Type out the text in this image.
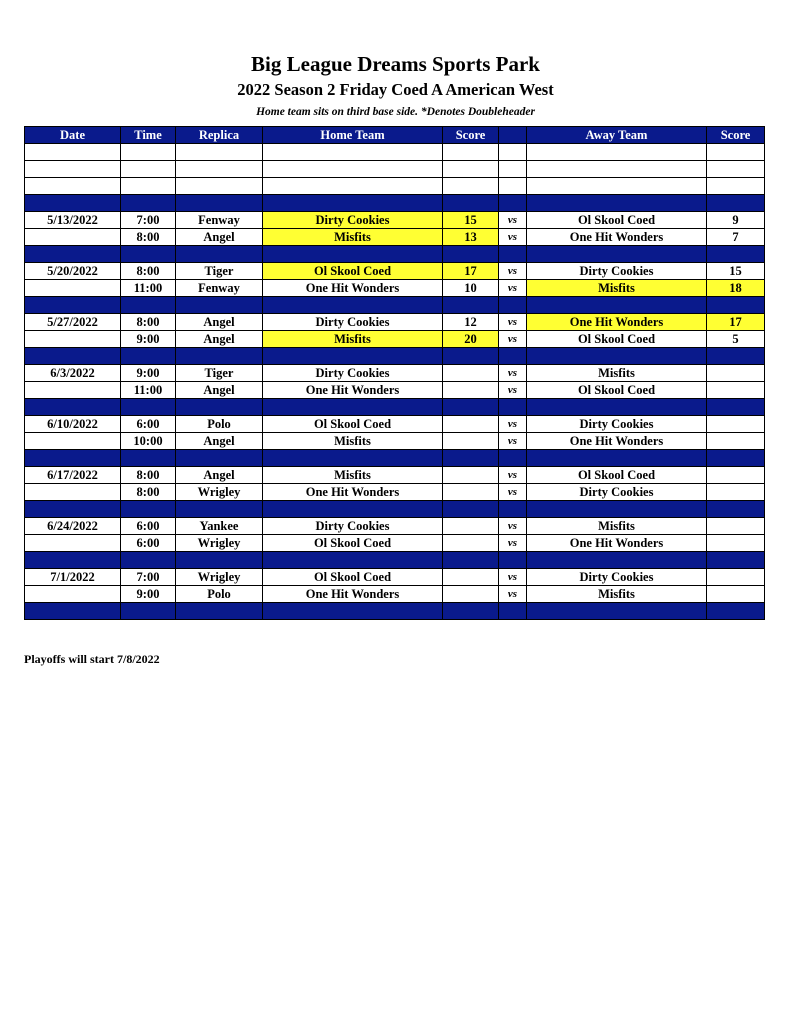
Big League Dreams Sports Park
2022 Season 2 Friday Coed A American West
Home team sits on third base side. *Denotes Doubleheader
Date	Time	Replica	Home Team	Score		Away Team	Score

5/13/2022	7:00	Fenway	Dirty Cookies	15	vs	Ol Skool Coed	9
	8:00	Angel	Misfits	13	vs	One Hit Wonders	7

5/20/2022	8:00	Tiger	Ol Skool Coed	17	vs	Dirty Cookies	15
	11:00	Fenway	One Hit Wonders	10	vs	Misfits	18

5/27/2022	8:00	Angel	Dirty Cookies	12	vs	One Hit Wonders	17
	9:00	Angel	Misfits	20	vs	Ol Skool Coed	5

6/3/2022	9:00	Tiger	Dirty Cookies		vs	Misfits	
	11:00	Angel	One Hit Wonders		vs	Ol Skool Coed	

6/10/2022	6:00	Polo	Ol Skool Coed		vs	Dirty Cookies	
	10:00	Angel	Misfits		vs	One Hit Wonders	

6/17/2022	8:00	Angel	Misfits		vs	Ol Skool Coed	
	8:00	Wrigley	One Hit Wonders		vs	Dirty Cookies	

6/24/2022	6:00	Yankee	Dirty Cookies		vs	Misfits	
	6:00	Wrigley	Ol Skool Coed		vs	One Hit Wonders	

7/1/2022	7:00	Wrigley	Ol Skool Coed		vs	Dirty Cookies	
	9:00	Polo	One Hit Wonders		vs	Misfits	

Playoffs will start 7/8/2022
